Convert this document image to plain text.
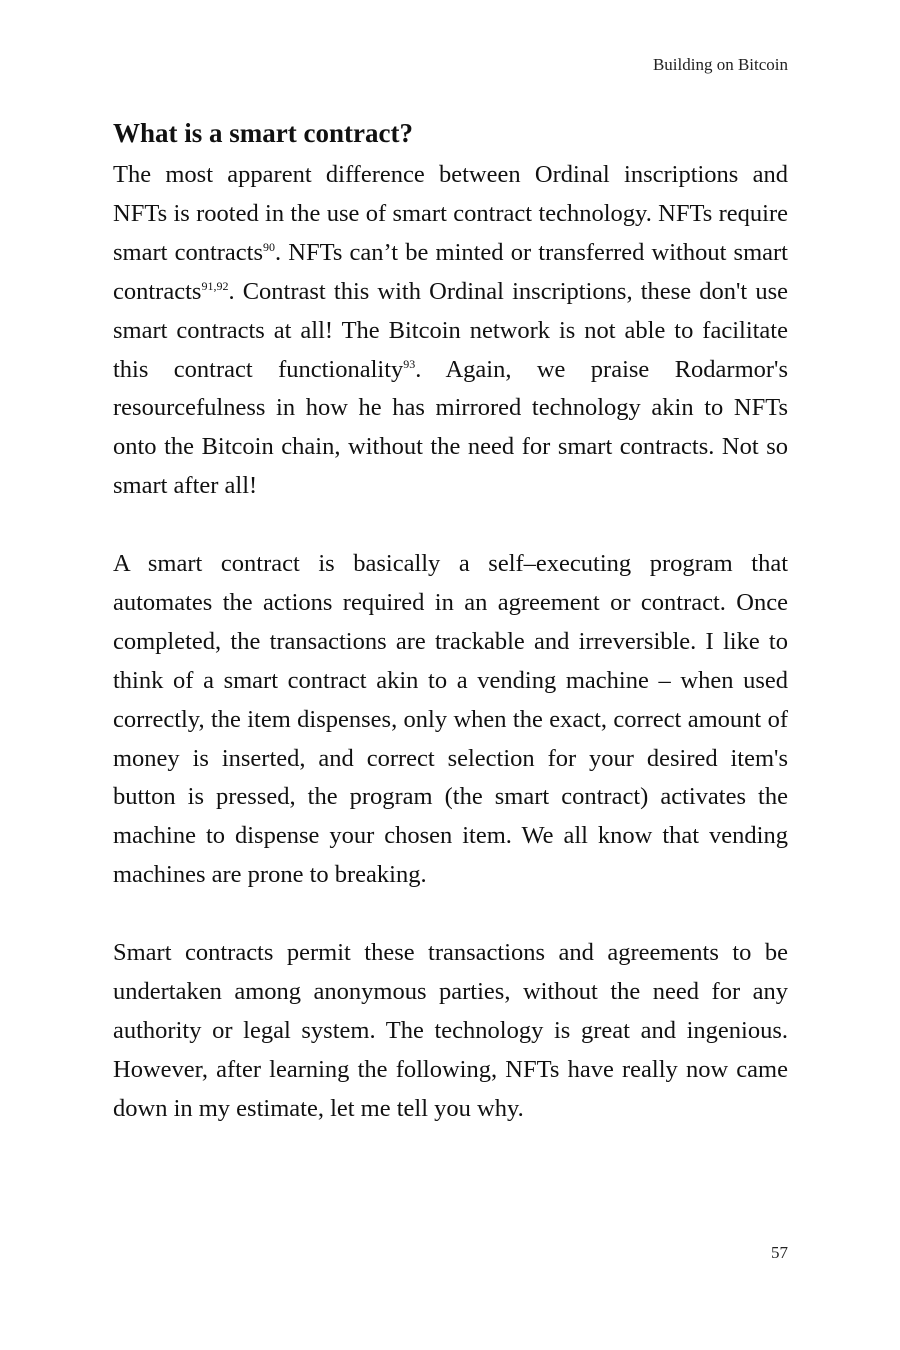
Building on Bitcoin
What is a smart contract?

The most apparent difference between Ordinal inscriptions and NFTs is rooted in the use of smart contract technology. NFTs require smart contracts$^{90}$. NFTs can’t be minted or transferred without smart contracts$^{91,92}$. Contrast this with Ordinal inscriptions, these don't use smart contracts at all! The Bitcoin network is not able to facilitate this contract functionality$^{93}$. Again, we praise Rodarmor's resourcefulness in how he has mirrored technology akin to NFTs onto the Bitcoin chain, without the need for smart contracts. Not so smart after all!

A smart contract is basically a self–executing program that automates the actions required in an agreement or contract. Once completed, the transactions are trackable and irreversible. I like to think of a smart contract akin to a vending machine – when used correctly, the item dispenses, only when the exact, correct amount of money is inserted, and correct selection for your desired item's button is pressed, the program (the smart contract) activates the machine to dispense your chosen item. We all know that vending machines are prone to breaking.

Smart contracts permit these transactions and agreements to be undertaken among anonymous parties, without the need for any authority or legal system. The technology is great and ingenious. However, after learning the following, NFTs have really now came down in my estimate, let me tell you why.

57
